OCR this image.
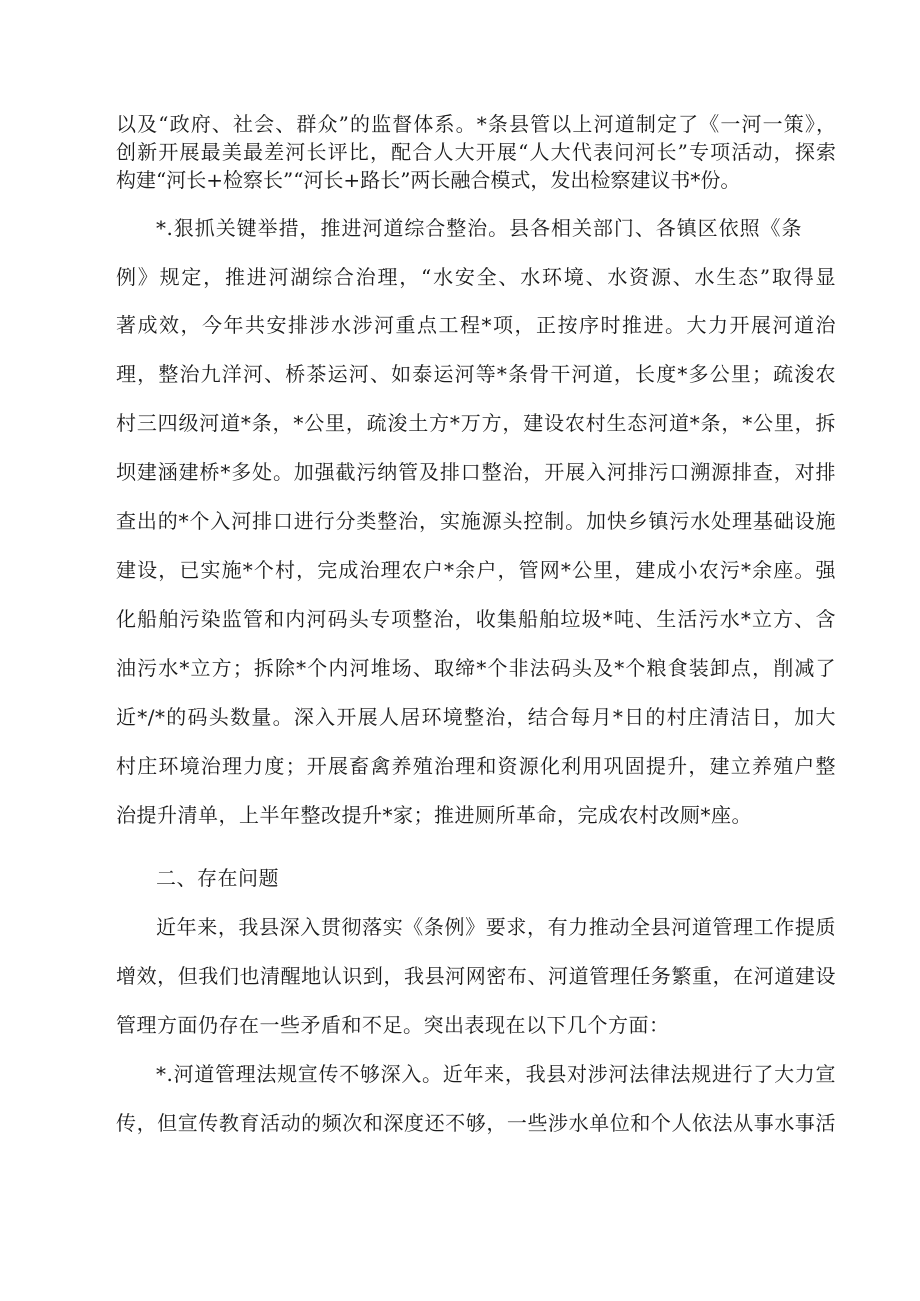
以及“政府、社会、群众”的监督体系。*条县管以上河道制定了《一河一策》，
创新开展最美最差河长评比，配合人大开展“人大代表问河长”专项活动，探索
构建“河长+检察长”“河长+路长”两长融合模式，发出检察建议书*份。
*.狠抓关键举措，推进河道综合整治。县各相关部门、各镇区依照《条
例》规定，推进河湖综合治理，“水安全、水环境、水资源、水生态”取得显
著成效，今年共安排涉水涉河重点工程*项，正按序时推进。大力开展河道治
理，整治九洋河、桥茶运河、如泰运河等*条骨干河道，长度*多公里；疏浚农
村三四级河道*条，*公里，疏浚土方*万方，建设农村生态河道*条，*公里，拆
坝建涵建桥*多处。加强截污纳管及排口整治，开展入河排污口溯源排查，对排
查出的*个入河排口进行分类整治，实施源头控制。加快乡镇污水处理基础设施
建设，已实施*个村，完成治理农户*余户，管网*公里，建成小农污*余座。强
化船舶污染监管和内河码头专项整治，收集船舶垃圾*吨、生活污水*立方、含
油污水*立方；拆除*个内河堆场、取缔*个非法码头及*个粮食装卸点，削减了
近*/*的码头数量。深入开展人居环境整治，结合每月*日的村庄清洁日，加大
村庄环境治理力度；开展畜禽养殖治理和资源化利用巩固提升，建立养殖户整
治提升清单，上半年整改提升*家；推进厕所革命，完成农村改厕*座。
二、存在问题
近年来，我县深入贯彻落实《条例》要求，有力推动全县河道管理工作提质
增效，但我们也清醒地认识到，我县河网密布、河道管理任务繁重，在河道建设
管理方面仍存在一些矛盾和不足。突出表现在以下几个方面：
*.河道管理法规宣传不够深入。近年来，我县对涉河法律法规进行了大力宣
传，但宣传教育活动的频次和深度还不够，一些涉水单位和个人依法从事水事活
